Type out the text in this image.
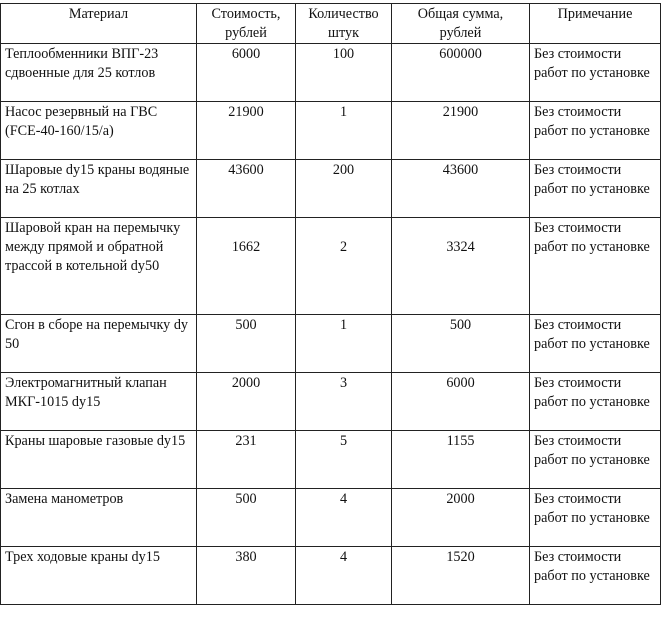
Материал	Стоимость, рублей	Количество штук	Общая сумма, рублей	Примечание
Теплообменники ВПГ-23 сдвоенные для 25 котлов	6000	100	600000	Без стоимости работ по установке
Насос резервный на ГВС (FCE-40-160/15/а)	21900	1	21900	Без стоимости работ по установке
Шаровые dy15 краны водяные на 25 котлах	43600	200	43600	Без стоимости работ по установке
Шаровой кран на перемычку между прямой и обратной трассой в котельной dy50	1662	2	3324	Без стоимости работ по установке
Сгон в сборе на перемычку dy 50	500	1	500	Без стоимости работ по установке
Электромагнитный клапан МКГ-1015 dy15	2000	3	6000	Без стоимости работ по установке
Краны шаровые газовые dy15	231	5	1155	Без стоимости работ по установке
Замена манометров	500	4	2000	Без стоимости работ по установке
Трех ходовые краны dy15	380	4	1520	Без стоимости работ по установке
